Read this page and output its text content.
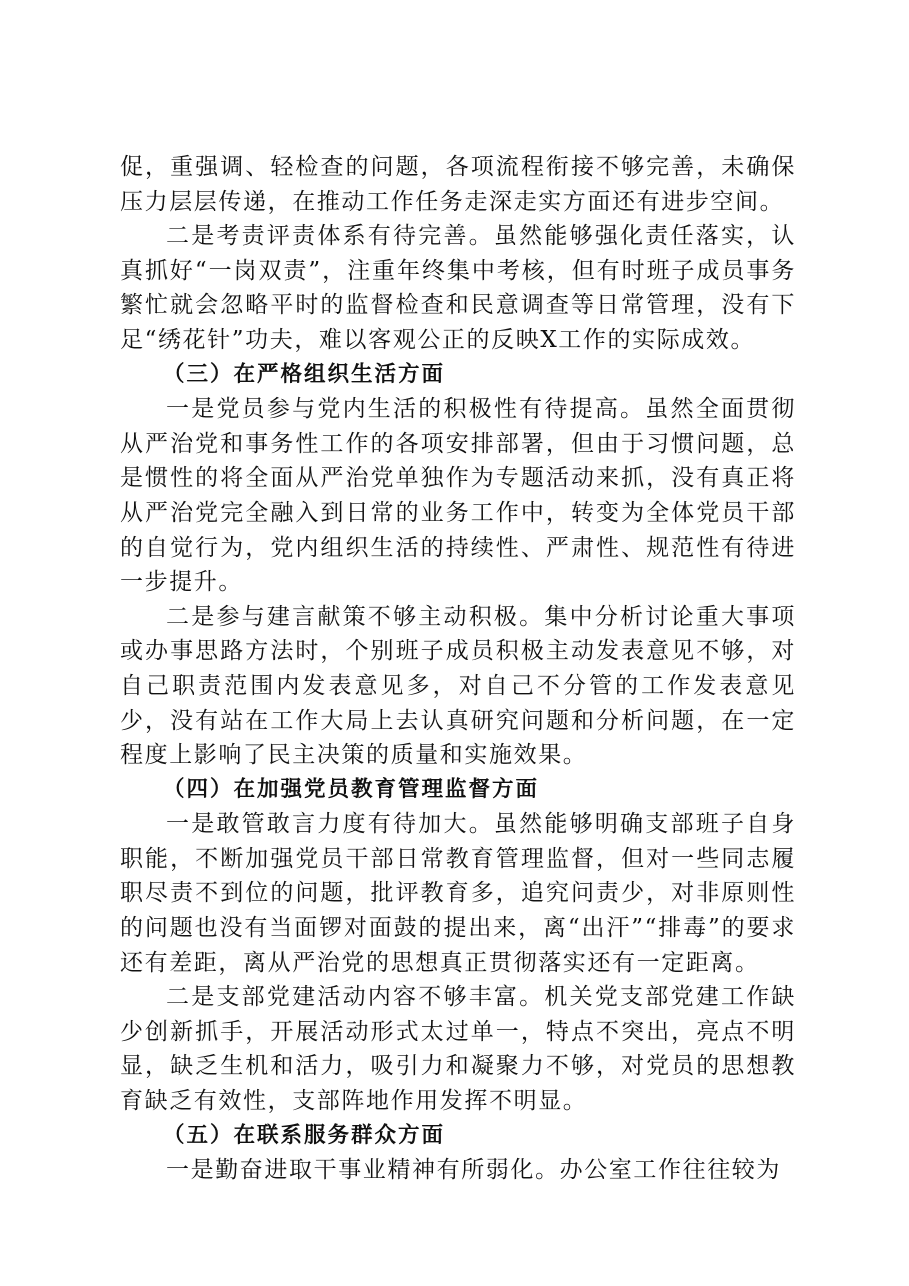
促，重强调、轻检查的问题，各项流程衔接不够完善，未确保压力层层传递，在推动工作任务走深走实方面还有进步空间。

二是考责评责体系有待完善。虽然能够强化责任落实，认真抓好“一岗双责”，注重年终集中考核，但有时班子成员事务繁忙就会忽略平时的监督检查和民意调查等日常管理，没有下足“绣花针”功夫，难以客观公正的反映X工作的实际成效。

（三）在严格组织生活方面

一是党员参与党内生活的积极性有待提高。虽然全面贯彻从严治党和事务性工作的各项安排部署，但由于习惯问题，总是惯性的将全面从严治党单独作为专题活动来抓，没有真正将从严治党完全融入到日常的业务工作中，转变为全体党员干部的自觉行为，党内组织生活的持续性、严肃性、规范性有待进一步提升。

二是参与建言献策不够主动积极。集中分析讨论重大事项或办事思路方法时，个别班子成员积极主动发表意见不够，对自己职责范围内发表意见多，对自己不分管的工作发表意见少，没有站在工作大局上去认真研究问题和分析问题，在一定程度上影响了民主决策的质量和实施效果。

（四）在加强党员教育管理监督方面

一是敢管敢言力度有待加大。虽然能够明确支部班子自身职能，不断加强党员干部日常教育管理监督，但对一些同志履职尽责不到位的问题，批评教育多，追究问责少，对非原则性的问题也没有当面锣对面鼓的提出来，离“出汗”“排毒”的要求还有差距，离从严治党的思想真正贯彻落实还有一定距离。

二是支部党建活动内容不够丰富。机关党支部党建工作缺少创新抓手，开展活动形式太过单一，特点不突出，亮点不明显，缺乏生机和活力，吸引力和凝聚力不够，对党员的思想教育缺乏有效性，支部阵地作用发挥不明显。

（五）在联系服务群众方面

一是勤奋进取干事业精神有所弱化。办公室工作往往较为
